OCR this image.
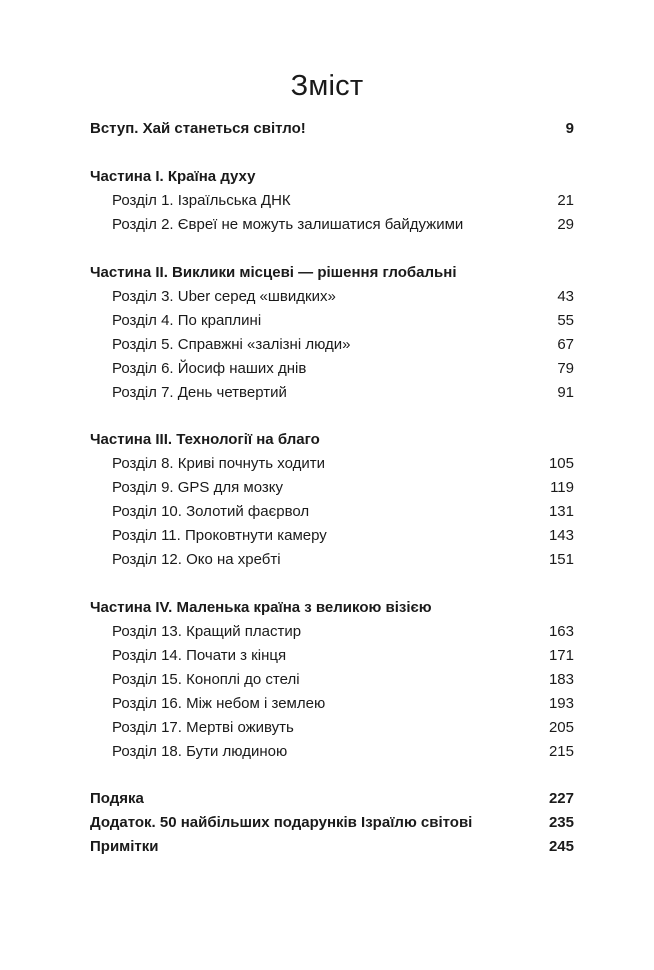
Зміст
Вступ. Хай станеться світло!	9
Частина I. Країна духу
Розділ 1. Ізраїльська ДНК	21
Розділ 2. Євреї не можуть залишатися байдужими	29
Частина II. Виклики місцеві — рішення глобальні
Розділ 3. Uber серед «швидких»	43
Розділ 4. По краплині	55
Розділ 5. Справжні «залізні люди»	67
Розділ 6. Йосиф наших днів	79
Розділ 7. День четвертий	91
Частина III. Технології на благо
Розділ 8. Криві почнуть ходити	105
Розділ 9. GPS для мозку	119
Розділ 10. Золотий фаєрвол	131
Розділ 11. Проковтнути камеру	143
Розділ 12. Око на хребті	151
Частина IV. Маленька країна з великою візією
Розділ 13. Кращий пластир	163
Розділ 14. Почати з кінця	171
Розділ 15. Коноплі до стелі	183
Розділ 16. Між небом і землею	193
Розділ 17. Мертві оживуть	205
Розділ 18. Бути людиною	215
Подяка	227
Додаток. 50 найбільших подарунків Ізраїлю світові	235
Примітки	245
